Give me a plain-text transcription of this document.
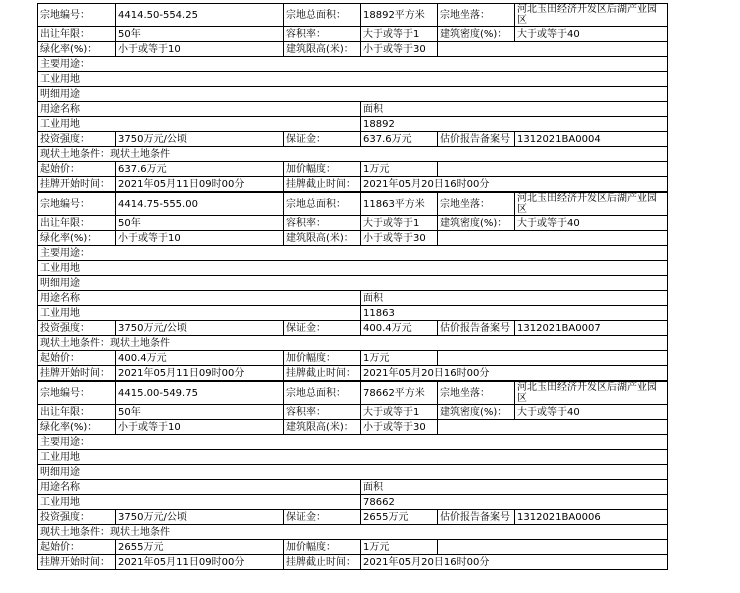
宗地编号：	4414.50-554.25	宗地总面积：	18892平方米	宗地坐落：	河北玉田经济开发区后湖产业园区
出让年限：	50年	容积率：	大于或等于1	建筑密度(%)：	大于或等于40
绿化率(%)：	小于或等于10	建筑限高(米)：	小于或等于30		
主要用途：					
工业用地					
明细用途					
用途名称			面积		
工业用地			18892		
投资强度：	3750万元/公顷	保证金：	637.6万元	估价报告备案号	1312021BA0004
现状土地条件：现状土地条件					
起始价：	637.6万元	加价幅度：	1万元		
挂牌开始时间：	2021年05月11日09时00分	挂牌截止时间：	2021年05月20日16时00分		
宗地编号：	4414.75-555.00	宗地总面积：	11863平方米	宗地坐落：	河北玉田经济开发区后湖产业园区
出让年限：	50年	容积率：	大于或等于1	建筑密度(%)：	大于或等于40
绿化率(%)：	小于或等于10	建筑限高(米)：	小于或等于30		
主要用途：					
工业用地					
明细用途					
用途名称			面积		
工业用地			11863		
投资强度：	3750万元/公顷	保证金：	400.4万元	估价报告备案号	1312021BA0007
现状土地条件：现状土地条件					
起始价：	400.4万元	加价幅度：	1万元		
挂牌开始时间：	2021年05月11日09时00分	挂牌截止时间：	2021年05月20日16时00分		
宗地编号：	4415.00-549.75	宗地总面积：	78662平方米	宗地坐落：	河北玉田经济开发区后湖产业园区
出让年限：	50年	容积率：	大于或等于1	建筑密度(%)：	大于或等于40
绿化率(%)：	小于或等于10	建筑限高(米)：	小于或等于30		
主要用途：					
工业用地					
明细用途					
用途名称			面积		
工业用地			78662		
投资强度：	3750万元/公顷	保证金：	2655万元	估价报告备案号	1312021BA0006
现状土地条件：现状土地条件					
起始价：	2655万元	加价幅度：	1万元		
挂牌开始时间：	2021年05月11日09时00分	挂牌截止时间：	2021年05月20日16时00分		
